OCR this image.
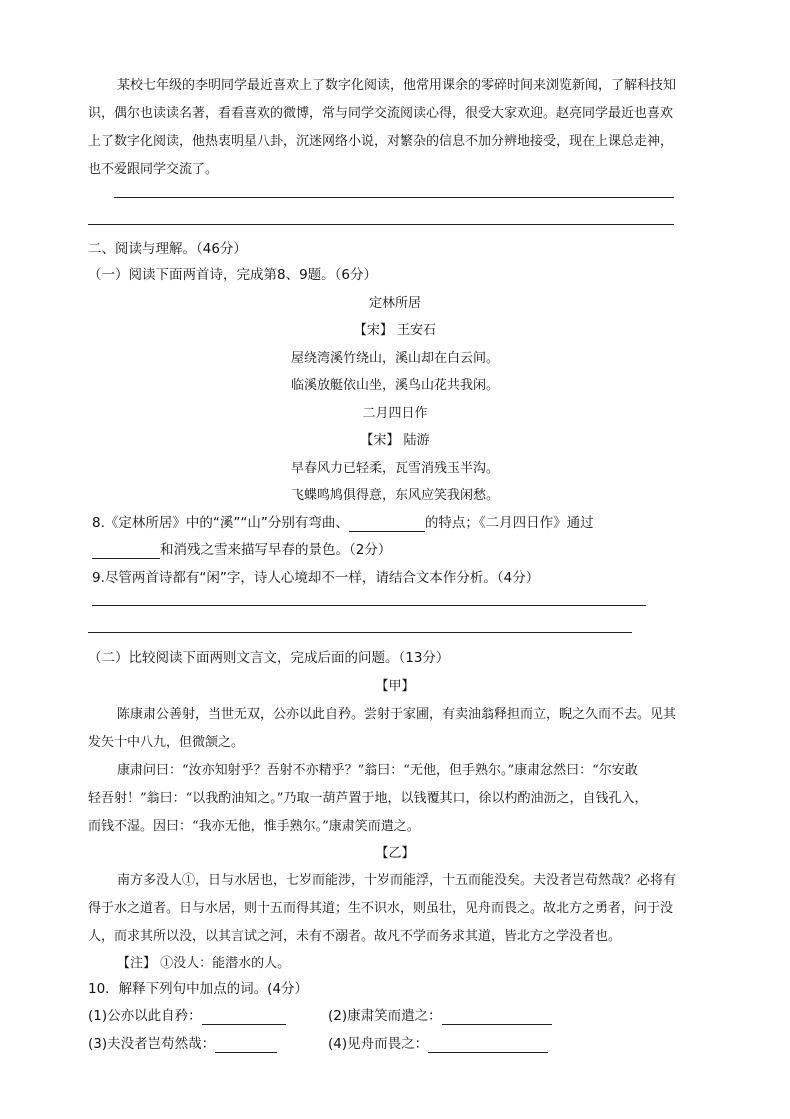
某校七年级的李明同学最近喜欢上了数字化阅读，他常用课余的零碎时间来浏览新闻，了解科技知
识，偶尔也读读名著，看看喜欢的微博，常与同学交流阅读心得，很受大家欢迎。赵亮同学最近也喜欢
上了数字化阅读，他热衷明星八卦，沉迷网络小说，对繁杂的信息不加分辨地接受，现在上课总走神，
也不爱跟同学交流了。
二、阅读与理解。（46分）
（一）阅读下面两首诗，完成第8、9题。（6分）
定林所居
【宋】 王安石
屋绕湾溪竹绕山，溪山却在白云间。
临溪放艇依山坐，溪鸟山花共我闲。
二月四日作
【宋】 陆游
早春风力已轻柔，瓦雪消残玉半沟。
飞蝶鸣鸠俱得意，东风应笑我闲愁。
8.《定林所居》中的“溪”“山”分别有弯曲、	的特点；《二月四日作》通过
和消残之雪来描写早春的景色。（2分）
9.尽管两首诗都有“闲”字，诗人心境却不一样，请结合文本作分析。（4分）
（二）比较阅读下面两则文言文，完成后面的问题。（13分）
【甲】
陈康肃公善射，当世无双，公亦以此自矜。尝射于家圃，有卖油翁释担而立，睨之久而不去。见其
发矢十中八九，但微颔之。
康肃问曰：“汝亦知射乎？吾射不亦精乎？”翁曰：“无他，但手熟尔。”康肃忿然曰：“尔安敢
轻吾射！”翁曰：“以我酌油知之。”乃取一葫芦置于地，以钱覆其口，徐以杓酌油沥之，自钱孔入，
而钱不湿。因曰：“我亦无他，惟手熟尔。”康肃笑而遣之。
【乙】
南方多没人①，日与水居也，七岁而能涉，十岁而能浮，十五而能没矣。夫没者岂苟然哉？必将有
得于水之道者。日与水居，则十五而得其道；生不识水，则虽壮，见舟而畏之。故北方之勇者，问于没
人，而求其所以没，以其言试之河，未有不溺者。故凡不学而务求其道，皆北方之学没者也。
【注】 ①没人：能潜水的人。
10．解释下列句中加点的词。(4分）
(1)公亦以此自矜：	(2)康肃笑而遣之：
(3)夫没者岂苟然哉：	(4)见舟而畏之：
